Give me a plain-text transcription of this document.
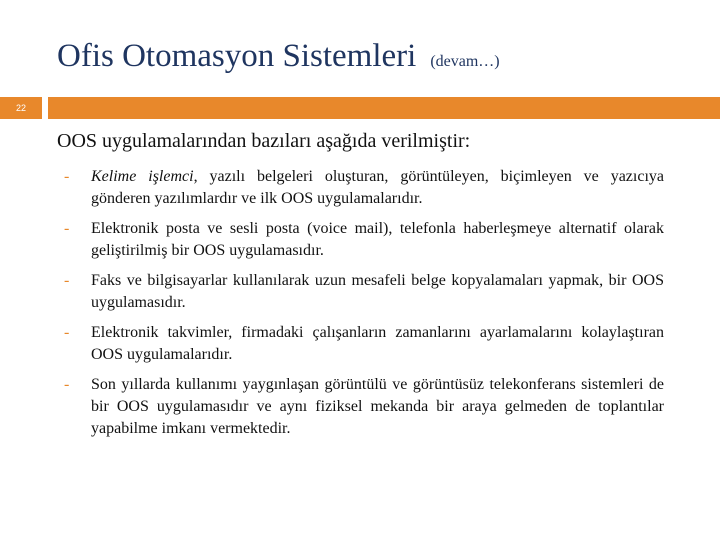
Ofis Otomasyon Sistemleri (devam…)
22
OOS uygulamalarından bazıları aşağıda verilmiştir:
- Kelime işlemci, yazılı belgeleri oluşturan, görüntüleyen, biçimleyen ve yazıcıya gönderen yazılımlardır ve ilk OOS uygulamalarıdır.
- Elektronik posta ve sesli posta (voice mail), telefonla haberleşmeye alternatif olarak geliştirilmiş bir OOS uygulamasıdır.
- Faks ve bilgisayarlar kullanılarak uzun mesafeli belge kopyalamaları yapmak, bir OOS uygulamasıdır.
- Elektronik takvimler, firmadaki çalışanların zamanlarını ayarlamalarını kolaylaştıran OOS uygulamalarıdır.
- Son yıllarda kullanımı yaygınlaşan görüntülü ve görüntüsüz telekonferans sistemleri de bir OOS uygulamasıdır ve aynı fiziksel mekanda bir araya gelmeden de toplantılar yapabilme imkanı vermektedir.
